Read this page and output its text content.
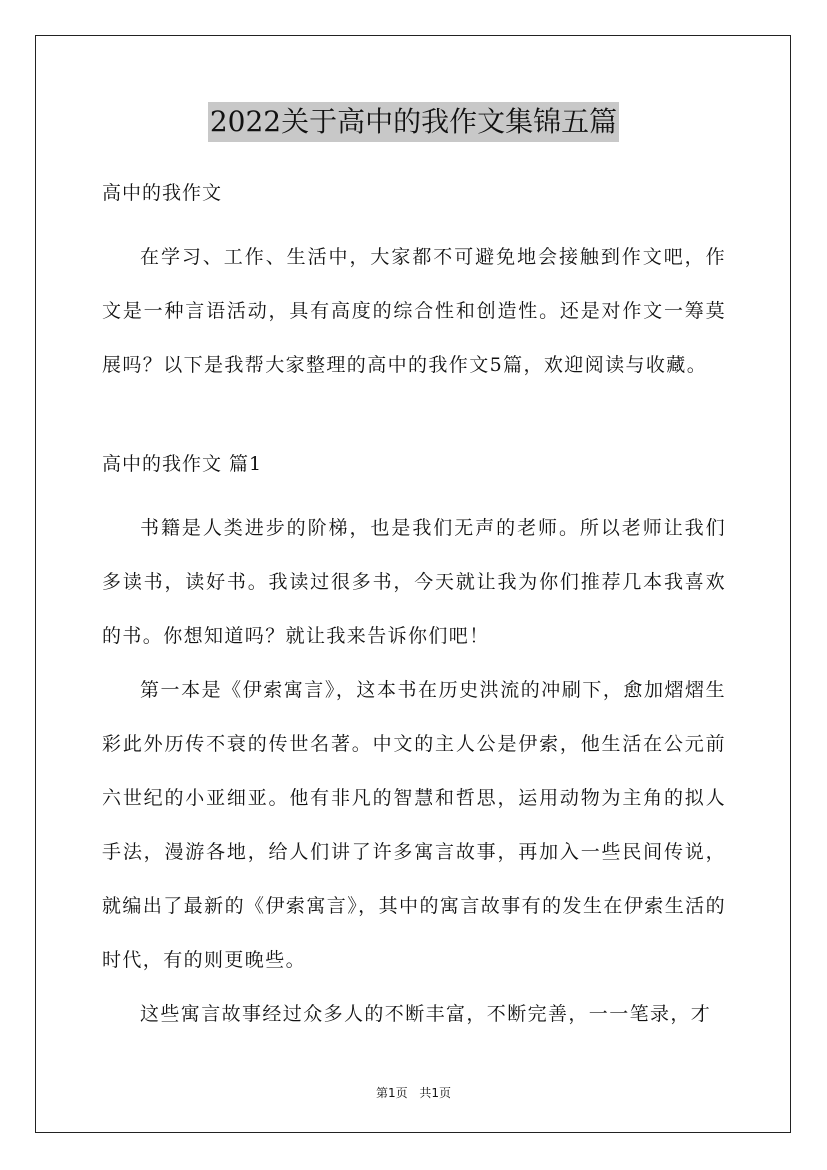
2022关于高中的我作文集锦五篇

高中的我作文

在学习、工作、生活中，大家都不可避免地会接触到作文吧，作文是一种言语活动，具有高度的综合性和创造性。还是对作文一筹莫展吗？以下是我帮大家整理的高中的我作文5篇，欢迎阅读与收藏。

高中的我作文 篇1

书籍是人类进步的阶梯，也是我们无声的老师。所以老师让我们多读书，读好书。我读过很多书，今天就让我为你们推荐几本我喜欢的书。你想知道吗？就让我来告诉你们吧！

第一本是《伊索寓言》，这本书在历史洪流的冲刷下，愈加熠熠生彩此外历传不衰的传世名著。中文的主人公是伊索，他生活在公元前六世纪的小亚细亚。他有非凡的智慧和哲思，运用动物为主角的拟人手法，漫游各地，给人们讲了许多寓言故事，再加入一些民间传说，就编出了最新的《伊索寓言》，其中的寓言故事有的发生在伊索生活的时代，有的则更晚些。

这些寓言故事经过众多人的不断丰富，不断完善，一一笔录，才

第1页 共1页
